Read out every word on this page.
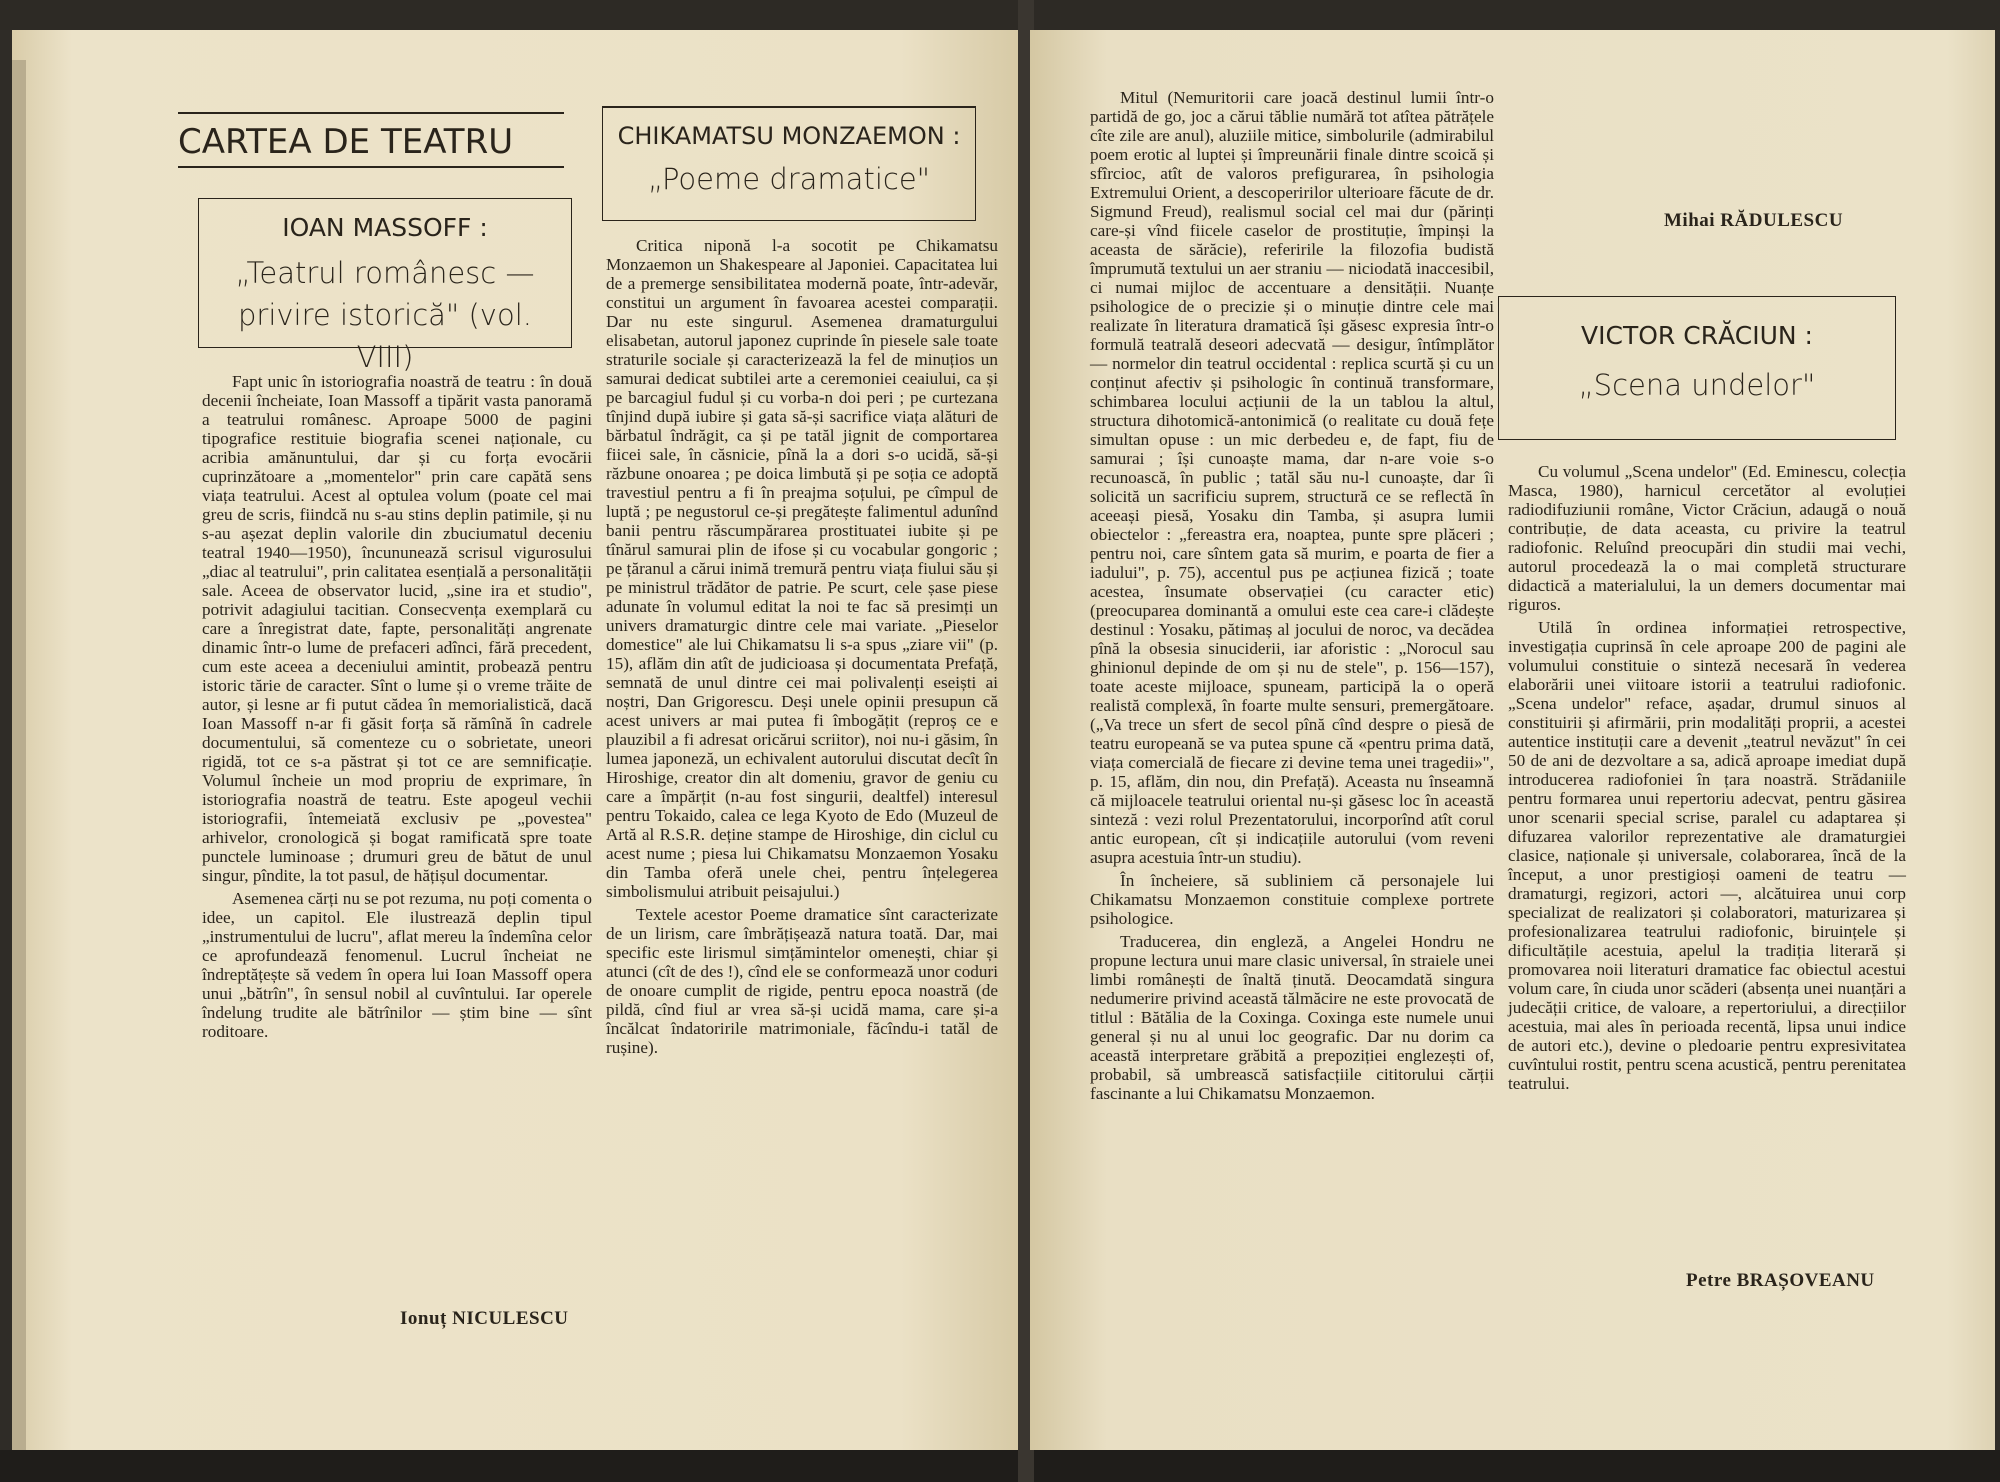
CARTEA DE TEATRU
IOAN MASSOFF :
„Teatrul românesc — privire istorică" (vol. VIII)

Fapt unic în istoriografia noastră de teatru : în două decenii încheiate, Ioan Massoff a tipărit vasta panoramă a teatrului românesc. Aproape 5000 de pagini tipografice restituie biografia scenei naționale, cu acribia amănuntului, dar și cu forța evocării cuprinzătoare a „momentelor" prin care capătă sens viața teatrului. Acest al optulea volum (poate cel mai greu de scris, fiindcă nu s-au stins deplin patimile, și nu s-au așezat deplin valorile din zbuciumatul deceniu teatral 1940—1950), încununează scrisul vigurosului „diac al teatrului", prin calitatea esențială a personalității sale. Aceea de observator lucid, „sine ira et studio", potrivit adagiului tacitian. Consecvența exemplară cu care a înregistrat date, fapte, personalități angrenate dinamic într-o lume de prefaceri adînci, fără precedent, cum este aceea a deceniului amintit, probează pentru istoric tărie de caracter. Sînt o lume și o vreme trăite de autor, și lesne ar fi putut cădea în memorialistică, dacă Ioan Massoff n-ar fi găsit forța să rămînă în cadrele documentului, să comenteze cu o sobrietate, uneori rigidă, tot ce s-a păstrat și tot ce are semnificație. Volumul încheie un mod propriu de exprimare, în istoriografia noastră de teatru. Este apogeul vechii istoriografii, întemeiată exclusiv pe „povestea" arhivelor, cronologică și bogat ramificată spre toate punctele luminoase ; drumuri greu de bătut de unul singur, pîndite, la tot pasul, de hățișul documentar.

Asemenea cărți nu se pot rezuma, nu poți comenta o idee, un capitol. Ele ilustrează deplin tipul „instrumentului de lucru", aflat mereu la îndemîna celor ce aprofundează fenomenul. Lucrul încheiat ne îndreptățește să vedem în opera lui Ioan Massoff opera unui „bătrîn", în sensul nobil al cuvîntului. Iar operele îndelung trudite ale bătrînilor — știm bine — sînt roditoare.

Ionuț NICULESCU
CHIKAMATSU MONZAEMON :
„Poeme dramatice"

Critica niponă l-a socotit pe Chikamatsu Monzaemon un Shakespeare al Japoniei. Capacitatea lui de a premerge sensibilitatea modernă poate, într-adevăr, constitui un argument în favoarea acestei comparații. Dar nu este singurul. Asemenea dramaturgului elisabetan, autorul japonez cuprinde în piesele sale toate straturile sociale și caracterizează la fel de minuțios un samurai dedicat subtilei arte a ceremoniei ceaiului, ca și pe barcagiul fudul și cu vorba-n doi peri ; pe curtezana tînjind după iubire și gata să-și sacrifice viața alături de bărbatul îndrăgit, ca și pe tatăl jignit de comportarea fiicei sale, în căsnicie, pînă la a dori s-o ucidă, să-și răzbune onoarea ; pe doica limbută și pe soția ce adoptă travestiul pentru a fi în preajma soțului, pe cîmpul de luptă ; pe negustorul ce-și pregătește falimentul adunînd banii pentru răscumpărarea prostituatei iubite și pe tînărul samurai plin de ifose și cu vocabular gongoric ; pe țăranul a cărui inimă tremură pentru viața fiului său și pe ministrul trădător de patrie. Pe scurt, cele șase piese adunate în volumul editat la noi te fac să presimți un univers dramaturgic dintre cele mai variate. „Pieselor domestice" ale lui Chikamatsu li s-a spus „ziare vii" (p. 15), aflăm din atît de judicioasa și documentata Prefață, semnată de unul dintre cei mai polivalenți eseiști ai noștri, Dan Grigorescu. Deși unele opinii presupun că acest univers ar mai putea fi îmbogățit (reproș ce e plauzibil a fi adresat oricărui scriitor), noi nu-i găsim, în lumea japoneză, un echivalent autorului discutat decît în Hiroshige, creator din alt domeniu, gravor de geniu cu care a împărțit (n-au fost singurii, dealtfel) interesul pentru Tokaido, calea ce lega Kyoto de Edo (Muzeul de Artă al R.S.R. deține stampe de Hiroshige, din ciclul cu acest nume ; piesa lui Chikamatsu Monzaemon Yosaku din Tamba oferă unele chei, pentru înțelegerea simbolismului atribuit peisajului.)

Textele acestor Poeme dramatice sînt caracterizate de un lirism, care îmbrățișează natura toată. Dar, mai specific este lirismul simțămintelor omenești, chiar și atunci (cît de des !), cînd ele se conformează unor coduri de onoare cumplit de rigide, pentru epoca noastră (de pildă, cînd fiul ar vrea să-și ucidă mama, care și-a încălcat îndatoririle matrimoniale, făcîndu-i tatăl de rușine).

Mitul (Nemuritorii care joacă destinul lumii într-o partidă de go, joc a cărui tăblie numără tot atîtea pătrățele cîte zile are anul), aluziile mitice, simbolurile (admirabilul poem erotic al luptei și împreunării finale dintre scoică și sfîrcioc, atît de valoros prefigurarea, în psihologia Extremului Orient, a descoperirilor ulterioare făcute de dr. Sigmund Freud), realismul social cel mai dur (părinți care-și vînd fiicele caselor de prostituție, împinși la aceasta de sărăcie), referirile la filozofia budistă împrumută textului un aer straniu — niciodată inaccesibil, ci numai mijloc de accentuare a densității. Nuanțe psihologice de o precizie și o minuție dintre cele mai realizate în literatura dramatică își găsesc expresia într-o formulă teatrală deseori adecvată — desigur, întîmplător — normelor din teatrul occidental : replica scurtă și cu un conținut afectiv și psihologic în continuă transformare, schimbarea locului acțiunii de la un tablou la altul, structura dihotomică-antonimică (o realitate cu două fețe simultan opuse : un mic derbedeu e, de fapt, fiu de samurai ; își cunoaște mama, dar n-are voie s-o recunoască, în public ; tatăl său nu-l cunoaște, dar îi solicită un sacrificiu suprem, structură ce se reflectă în aceeași piesă, Yosaku din Tamba, și asupra lumii obiectelor : „fereastra era, noaptea, punte spre plăceri ; pentru noi, care sîntem gata să murim, e poarta de fier a iadului", p. 75), accentul pus pe acțiunea fizică ; toate acestea, însumate observației (cu caracter etic) (preocuparea dominantă a omului este cea care-i clădește destinul : Yosaku, pătimaș al jocului de noroc, va decădea pînă la obsesia sinuciderii, iar aforistic : „Norocul sau ghinionul depinde de om și nu de stele", p. 156—157), toate aceste mijloace, spuneam, participă la o operă realistă complexă, în foarte multe sensuri, premergătoare. („Va trece un sfert de secol pînă cînd despre o piesă de teatru europeană se va putea spune că «pentru prima dată, viața comercială de fiecare zi devine tema unei tragedii»", p. 15, aflăm, din nou, din Prefață). Aceasta nu înseamnă că mijloacele teatrului oriental nu-și găsesc loc în această sinteză : vezi rolul Prezentatorului, incorporînd atît corul antic european, cît și indicațiile autorului (vom reveni asupra acestuia într-un studiu).

În încheiere, să subliniem că personajele lui Chikamatsu Monzaemon constituie complexe portrete psihologice.

Traducerea, din engleză, a Angelei Hondru ne propune lectura unui mare clasic universal, în straiele unei limbi românești de înaltă ținută. Deocamdată singura nedumerire privind această tălmăcire ne este provocată de titlul : Bătălia de la Coxinga. Coxinga este numele unui general și nu al unui loc geografic. Dar nu dorim ca această interpretare grăbită a prepoziției englezești of, probabil, să umbrească satisfacțiile cititorului cărții fascinante a lui Chikamatsu Monzaemon.

Mihai RĂDULESCU
VICTOR CRĂCIUN :
„Scena undelor"

Cu volumul „Scena undelor" (Ed. Eminescu, colecția Masca, 1980), harnicul cercetător al evoluției radiodifuziunii românе, Victor Crăciun, adaugă o nouă contribuție, de data aceasta, cu privire la teatrul radiofonic. Reluînd preocupări din studii mai vechi, autorul procedează la o mai completă structurare didactică a materialului, la un demers documentar mai riguros.

Utilă în ordinea informației retrospective, investigația cuprinsă în cele aproape 200 de pagini ale volumului constituie o sinteză necesară în vederea elaborării unei viitoare istorii a teatrului radiofonic. „Scena undelor" reface, așadar, drumul sinuos al constituirii și afirmării, prin modalități proprii, a acestei autentice instituții care a devenit „teatrul nevăzut" în cei 50 de ani de dezvoltare a sa, adică aproape imediat după introducerea radiofoniei în țara noastră. Strădaniile pentru formarea unui repertoriu adecvat, pentru găsirea unor scenarii special scrise, paralel cu adaptarea și difuzarea valorilor reprezentative ale dramaturgiei clasice, naționale și universale, colaborarea, încă de la început, a unor prestigioși oameni de teatru — dramaturgi, regizori, actori —, alcătuirea unui corp specializat de realizatori și colaboratori, maturizarea și profesionalizarea teatrului radiofonic, biruințele și dificultățile acestuia, apelul la tradiția literară și promovarea noii literaturi dramatice fac obiectul acestui volum care, în ciuda unor scăderi (absența unei nuanțări a judecății critice, de valoare, a repertoriului, a direcțiilor acestuia, mai ales în perioada recentă, lipsa unui indice de autori etc.), devine o pledoarie pentru expresivitatea cuvîntului rostit, pentru scena acustică, pentru perenitatea teatrului.

Petre BRAȘOVEANU
